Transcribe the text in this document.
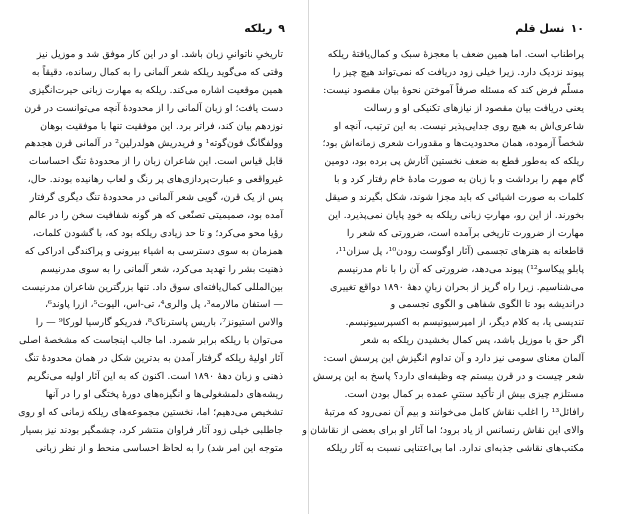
۹
ریلکه
تاریخیِ ناتوانیِ زبان باشد. او در این کار موفق شد و موزیل نیز
وقتی که می‌گوید ریلکه شعر آلمانی را به کمال رسانده، دقیقاً به
همین موقعیت اشاره می‌کند. ریلکه به مهارت زبانی حیرت‌انگیزی
دست یافت؛ او زبان آلمانی را از محدودهٔ آنچه می‌توانست در قرن
نوزدهم بیان کند، فراتر برد. این موفقیت تنها با موفقیت بوهان
وولفگانگ فون‌گوته¹ و فریدریش هولدرلین² در آلمانی قرن هجدهم
قابل قیاس است. این شاعران زبان را از محدودهٔ تنگ احساسات
غیرواقعی و عبارت‌پردازی‌های پر رنگ و لعاب رهانیده بودند. حال،
پس از یک قرن، گویی شعر آلمانی در محدودهٔ تنگ دیگری گرفتار
آمده بود، صمیمیتی تصنّعی که هر گونه شفافیت سخن را در عالم
رؤیا محو می‌کرد؛ و تا حد زیادی ریلکه بود که، با گشودن کلمات،
همزمان به سوی دسترسی به اشیاء بیرونی و پراکندگی ادراکی که
ذهنیت بشر را تهدید می‌کرد، شعر آلمانی را به سوی مدرنیسم
بین‌المللی کمال‌یافته‌ای سوق داد. تنها بزرگترین شاعران مدرنیست
— استفان مالارمه³، پل والری⁴، تی-اس، الیوت⁵، ازرا پاوند⁶،
والاس استیونز⁷، باریس پاسترناک⁸، فدریکو گارسیا لورکا⁹ — را
می‌توان با ریلکه برابر شمرد. اما جالب اینجاست که مشخصهٔ اصلی
آثار اولیهٔ ریلکه گرفتار آمدن به بدترین شکل در همان محدودهٔ تنگ
ذهنی و زبان دههٔ ۱۸۹۰ است. اکنون که به این آثار اولیه می‌نگریم
ریشه‌های دلمشغولی‌ها و انگیزه‌های دورهٔ پختگی او را در آنها
تشخیص می‌دهیم؛ اما، نخستین مجموعه‌های ریلکه زمانی که او روی
جاطلبی خیلی زود آثار فراوان منتشر کرد، چشمگیر بودند نیز بسیار
متوجه این امر شد) را به لحاظ احساسی منحط و از نظر زبانی
۱۰
نسل قلم
پراطناب است. اما همین ضعف با معجزهٔ سبک و کمال‌یافتهٔ ریلکه
پیوند نزدیک دارد. زیرا خیلی زود دریافت که نمی‌تواند هیچ چیز را
مسلّم فرض کند که مسئله صرفاً آموختن نحوهٔ بیان مقصود نیست:
یعنی دریافت بیان مقصود از نیازهای تکنیکی او و رسالت
شاعری‌اش به هیچ روی جدایی‌پذیر نیست. به این ترتیب، آنچه او
شخصاً آزموده، همان محدودیت‌ها و مقدورات شعری زمانه‌اش بود؛
ریلکه که به‌طور قطع به ضعف نخستین آثارش پی برده بود، دومین
گام مهم را برداشت و با زبان به صورت مادهٔ خام رفتار کرد و با
کلمات به صورت اشیائی که باید مجزا شوند، شکل بگیرند و صیقل
بخورند. از این رو، مهارتِ زبانی ریلکه به خودِ پایان نمی‌پذیرد. این
مهارت از ضرورت تاریخی برآمده است، ضرورتی که شعر را
قاطعانه به هنرهای تجسمی (آثار اوگوست رودن¹⁰، پل سزان¹¹،
پابلو پیکاسو¹²) پیوند می‌دهد، ضرورتی که آن را با نام مدرنیسم
می‌شناسیم. زیرا راه گریز از بحران زبانِ دههٔ ۱۸۹۰ دواقع تغییری
دراندیشه بود تا الگوی شفاهی و الگوی تجسمی و
تندیسی یا، به کلام دیگر، از امپرسیونیسم به اکسپرسیونیسم.
اگر حق با موزیل باشد، پس کمال بخشیدن ریلکه به شعر
آلمان معنای سومی نیز دارد و آن تداوم انگیزش این پرسش است:
شعر چیست و در قرن بیستم چه وظیفه‌ای دارد؟ پاسخ به این پرسش
مستلزم چیزی بیش از تأکید سنتیِ عمده بر کمال بودن است.
رافائل¹³ را اغلب نقاش کامل می‌خوانند و بیم آن نمی‌رود که مرتبهٔ
والای این نقاش رنسانس از یاد برود؛ اما آثار او برای بعضی از نقاشان و
مکتب‌های نقاشی جذبه‌ای ندارد. اما بی‌اعتنایی نسبت به آثار ریلکه
